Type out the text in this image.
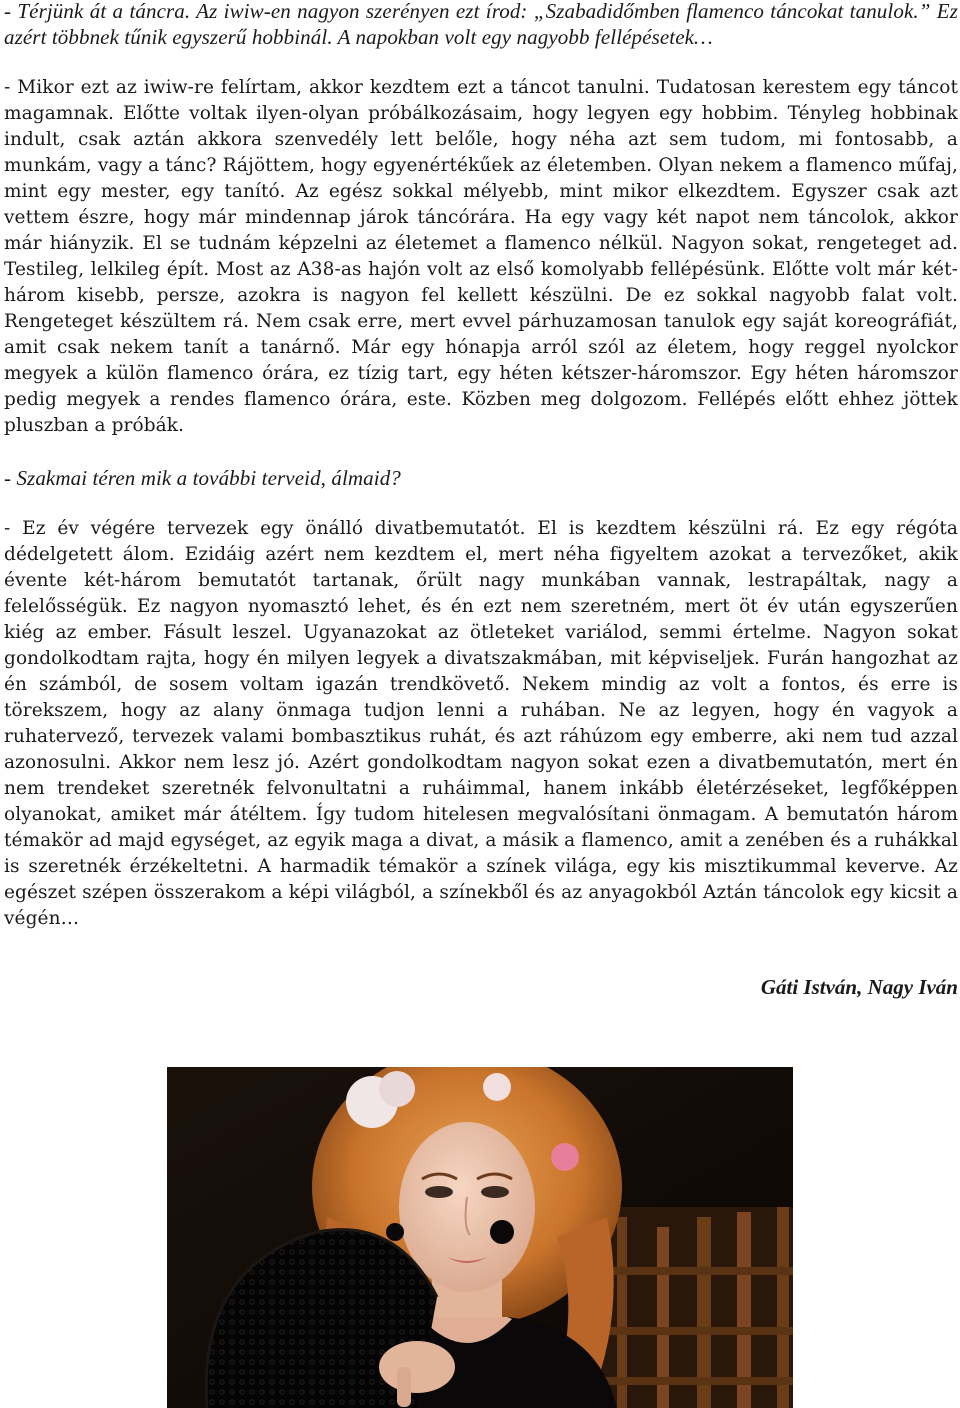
- Térjünk át a táncra. Az iwiw-en nagyon szerényen ezt írod: „Szabadidőmben flamenco táncokat tanulok.” Ez azért többnek tűnik egyszerű hobbinál. A napokban volt egy nagyobb fellépésetek…

- Mikor ezt az iwiw-re felírtam, akkor kezdtem ezt a táncot tanulni. Tudatosan kerestem egy táncot magamnak. Előtte voltak ilyen-olyan próbálkozásaim, hogy legyen egy hobbim. Tényleg hobbinak indult, csak aztán akkora szenvedély lett belőle, hogy néha azt sem tudom, mi fontosabb, a munkám, vagy a tánc? Rájöttem, hogy egyenértékűek az életemben. Olyan nekem a flamenco műfaj, mint egy mester, egy tanító. Az egész sokkal mélyebb, mint mikor elkezdtem. Egyszer csak azt vettem észre, hogy már mindennap járok táncórára. Ha egy vagy két napot nem táncolok, akkor már hiányzik. El se tudnám képzelni az életemet a flamenco nélkül. Nagyon sokat, rengeteget ad. Testileg, lelkileg épít. Most az A38-as hajón volt az első komolyabb fellépésünk. Előtte volt már két-három kisebb, persze, azokra is nagyon fel kellett készülni. De ez sokkal nagyobb falat volt. Rengeteget készültem rá. Nem csak erre, mert evvel párhuzamosan tanulok egy saját koreográfiát, amit csak nekem tanít a tanárnő. Már egy hónapja arról szól az életem, hogy reggel nyolckor megyek a külön flamenco órára, ez tízig tart, egy héten kétszer-háromszor. Egy héten háromszor pedig megyek a rendes flamenco órára, este. Közben meg dolgozom. Fellépés előtt ehhez jöttek pluszban a próbák.

- Szakmai téren mik a további terveid, álmaid?

- Ez év végére tervezek egy önálló divatbemutatót. El is kezdtem készülni rá. Ez egy régóta dédelgetett álom. Ezidáig azért nem kezdtem el, mert néha figyeltem azokat a tervezőket, akik évente két-három bemutatót tartanak, őrült nagy munkában vannak, lestrapáltak, nagy a felelősségük. Ez nagyon nyomasztó lehet, és én ezt nem szeretném, mert öt év után egyszerűen kiég az ember. Fásult leszel. Ugyanazokat az ötleteket variálod, semmi értelme. Nagyon sokat gondolkodtam rajta, hogy én milyen legyek a divatszakmában, mit képviseljek. Furán hangozhat az én számból, de sosem voltam igazán trendkövető. Nekem mindig az volt a fontos, és erre is törekszem, hogy az alany önmaga tudjon lenni a ruhában. Ne az legyen, hogy én vagyok a ruhatervező, tervezek valami bombasztikus ruhát, és azt ráhúzom egy emberre, aki nem tud azzal azonosulni. Akkor nem lesz jó. Azért gondolkodtam nagyon sokat ezen a divatbemutatón, mert én nem trendeket szeretnék felvonultatni a ruháimmal, hanem inkább életérzéseket, legfőképpen olyanokat, amiket már átéltem. Így tudom hitelesen megvalósítani önmagam. A bemutatón három témakör ad majd egységet, az egyik maga a divat, a másik a flamenco, amit a zenében és a ruhákkal is szeretnék érzékeltetni. A harmadik témakör a színek világa, egy kis misztikummal keverve. Az egészet szépen összerakom a képi világból, a színekből és az anyagokból Aztán táncolok egy kicsit a végén…

Gáti István, Nagy Iván
